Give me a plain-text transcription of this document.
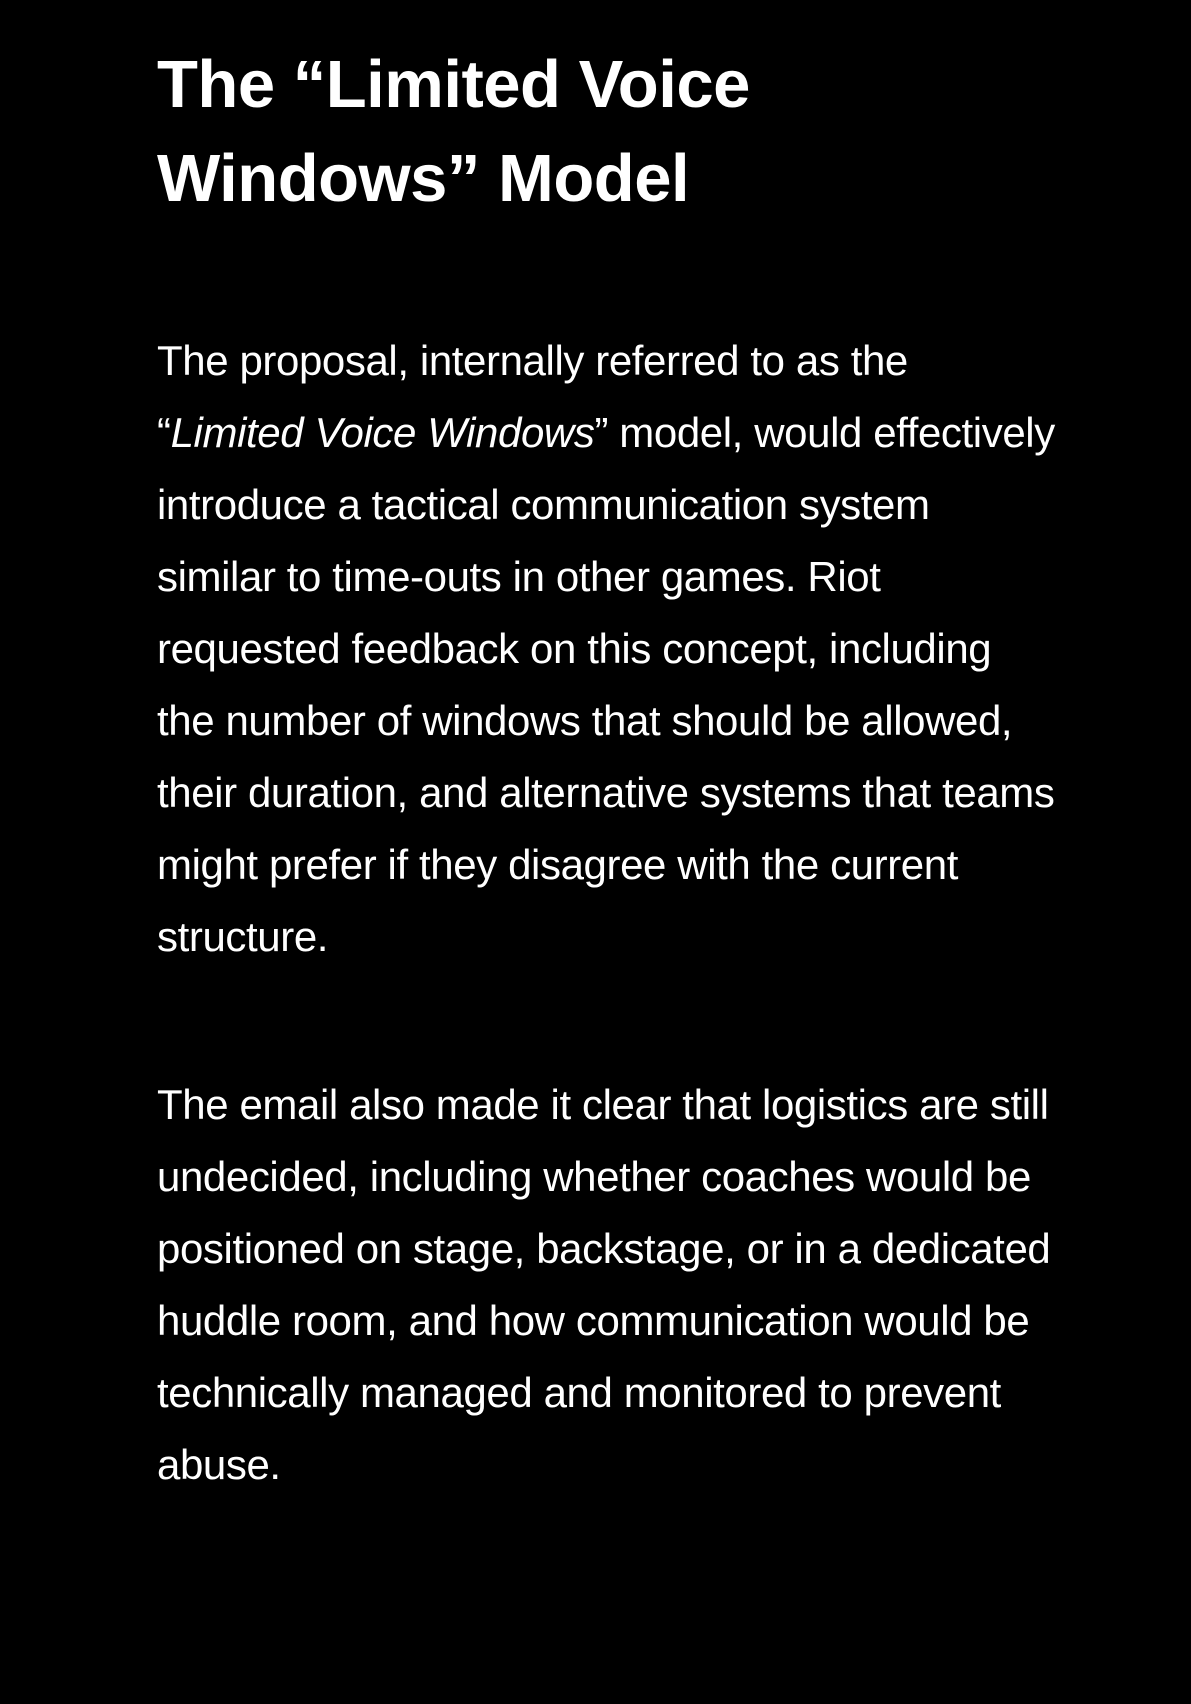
The “Limited Voice Windows” Model

The proposal, internally referred to as the “Limited Voice Windows” model, would effectively introduce a tactical communication system similar to time-outs in other games. Riot requested feedback on this concept, including the number of windows that should be allowed, their duration, and alternative systems that teams might prefer if they disagree with the current structure.

The email also made it clear that logistics are still undecided, including whether coaches would be positioned on stage, backstage, or in a dedicated huddle room, and how communication would be technically managed and monitored to prevent abuse.
